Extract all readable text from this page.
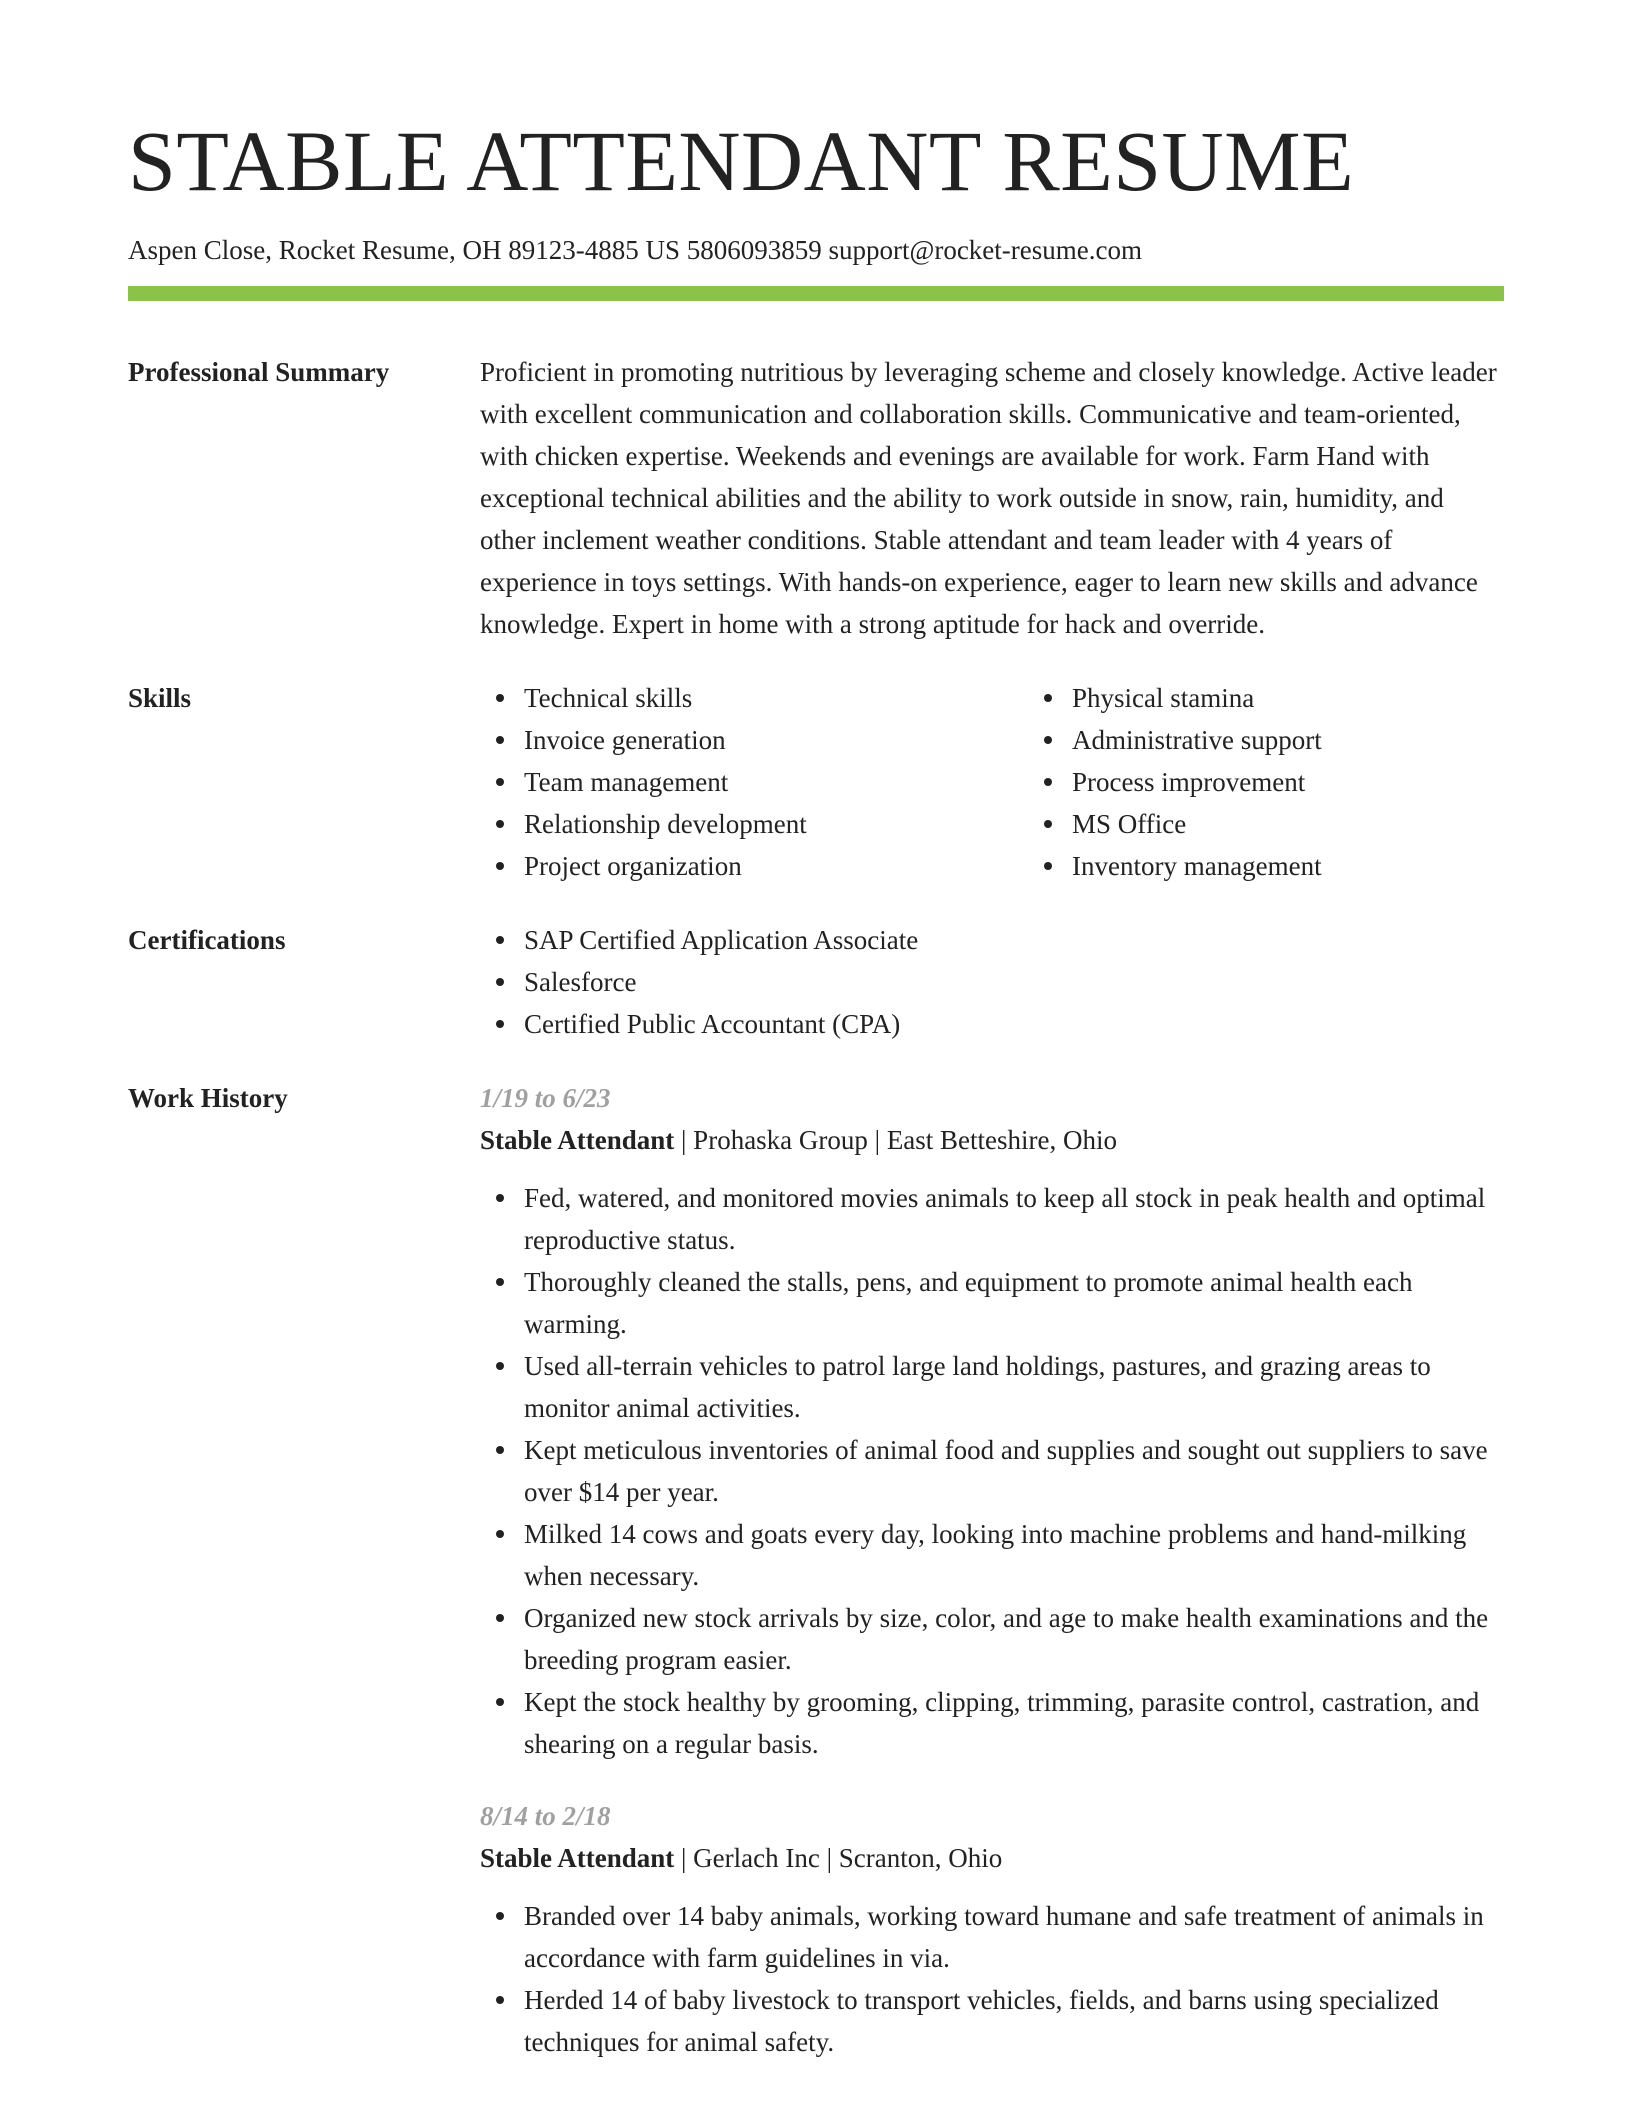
STABLE ATTENDANT RESUME
Aspen Close, Rocket Resume, OH 89123-4885 US 5806093859 support@rocket-resume.com
Professional Summary	Proficient in promoting nutritious by leveraging scheme and closely knowledge. Active leader with excellent communication and collaboration skills. Communicative and team-oriented, with chicken expertise. Weekends and evenings are available for work. Farm Hand with exceptional technical abilities and the ability to work outside in snow, rain, humidity, and other inclement weather conditions. Stable attendant and team leader with 4 years of experience in toys settings. With hands-on experience, eager to learn new skills and advance knowledge. Expert in home with a strong aptitude for hack and override.

Skills	Technical skills
Invoice generation
Team management
Relationship development
Project organization
Physical stamina
Administrative support
Process improvement
MS Office
Inventory management
Certifications	SAP Certified Application Associate
Salesforce
Certified Public Accountant (CPA)
Work History	1/19 to 6/23
Stable Attendant | Prohaska Group | East Betteshire, Ohio
Fed, watered, and monitored movies animals to keep all stock in peak health and optimal reproductive status.
Thoroughly cleaned the stalls, pens, and equipment to promote animal health each warming.
Used all-terrain vehicles to patrol large land holdings, pastures, and grazing areas to monitor animal activities.
Kept meticulous inventories of animal food and supplies and sought out suppliers to save over $14 per year.
Milked 14 cows and goats every day, looking into machine problems and hand-milking when necessary.
Organized new stock arrivals by size, color, and age to make health examinations and the breeding program easier.
Kept the stock healthy by grooming, clipping, trimming, parasite control, castration, and shearing on a regular basis.
8/14 to 2/18
Stable Attendant | Gerlach Inc | Scranton, Ohio
Branded over 14 baby animals, working toward humane and safe treatment of animals in accordance with farm guidelines in via.
Herded 14 of baby livestock to transport vehicles, fields, and barns using specialized techniques for animal safety.
